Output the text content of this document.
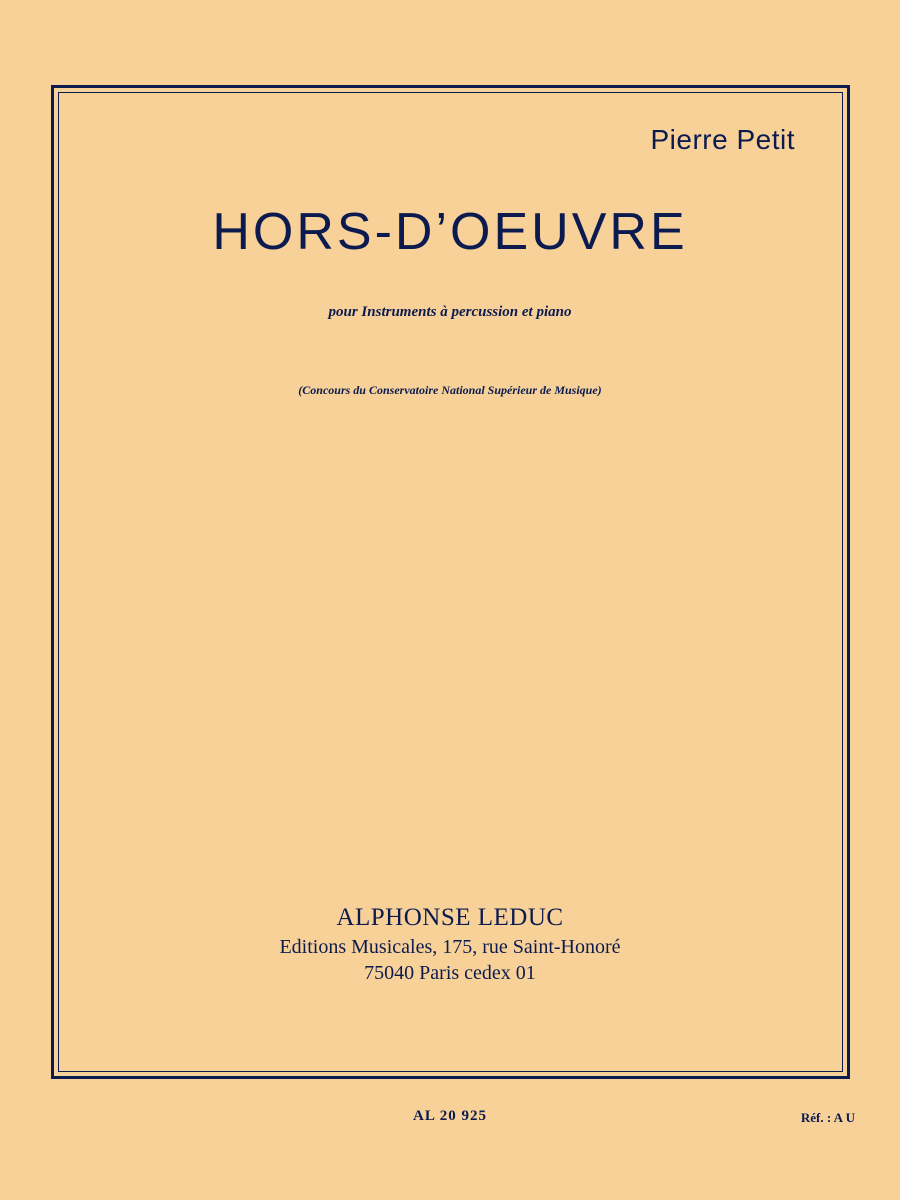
Pierre Petit
HORS-D’OEUVRE
pour Instruments à percussion et piano
(Concours du Conservatoire National Supérieur de Musique)
ALPHONSE LEDUC
Editions Musicales, 175, rue Saint-Honoré
75040 Paris cedex 01
AL 20 925	Réf. : A U
